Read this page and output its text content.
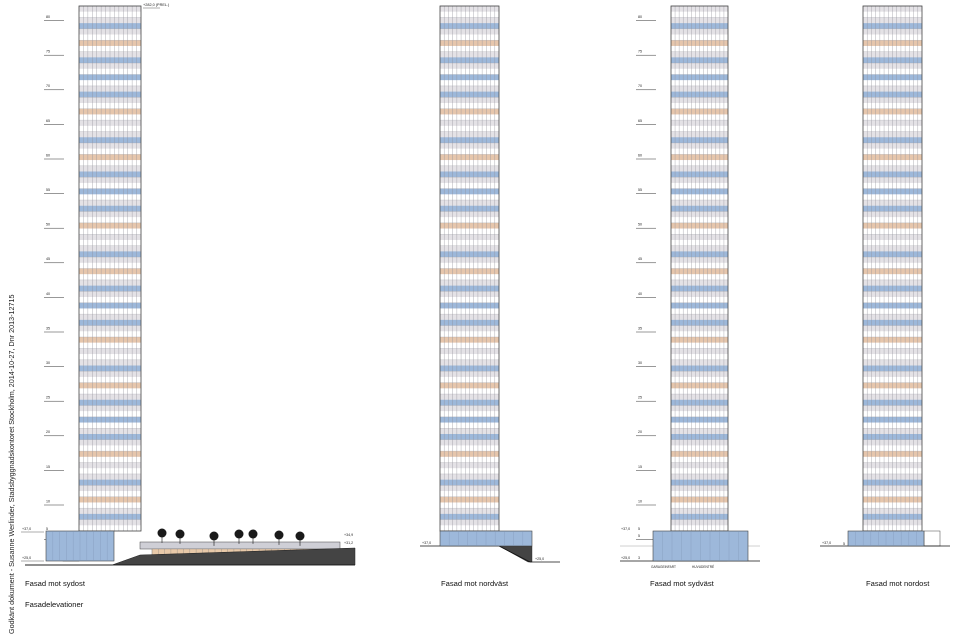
80
75
70
65
60
55
50
45
40
35
30
25
20
15
10
+282,0 (PREL.)
+37,0
+25,0
+34,9
+31,2
5
+37,0
+25,0
80
75
70
65
60
55
50
45
40
35
30
25
20
15
10
5
+37,0
+25,0
5
3
GARAGEINFART	HUVUDENTRÉ
+37,0	5
Godkänt dokument - Susanne Werlinder, Stadsbyggnadskontoret Stockholm, 2014-10-27, Dnr 2013-12715 Fasad mot sydost	Fasad mot nordväst	Fasad mot sydväst	Fasad mot nordost
Fasadelevationer
